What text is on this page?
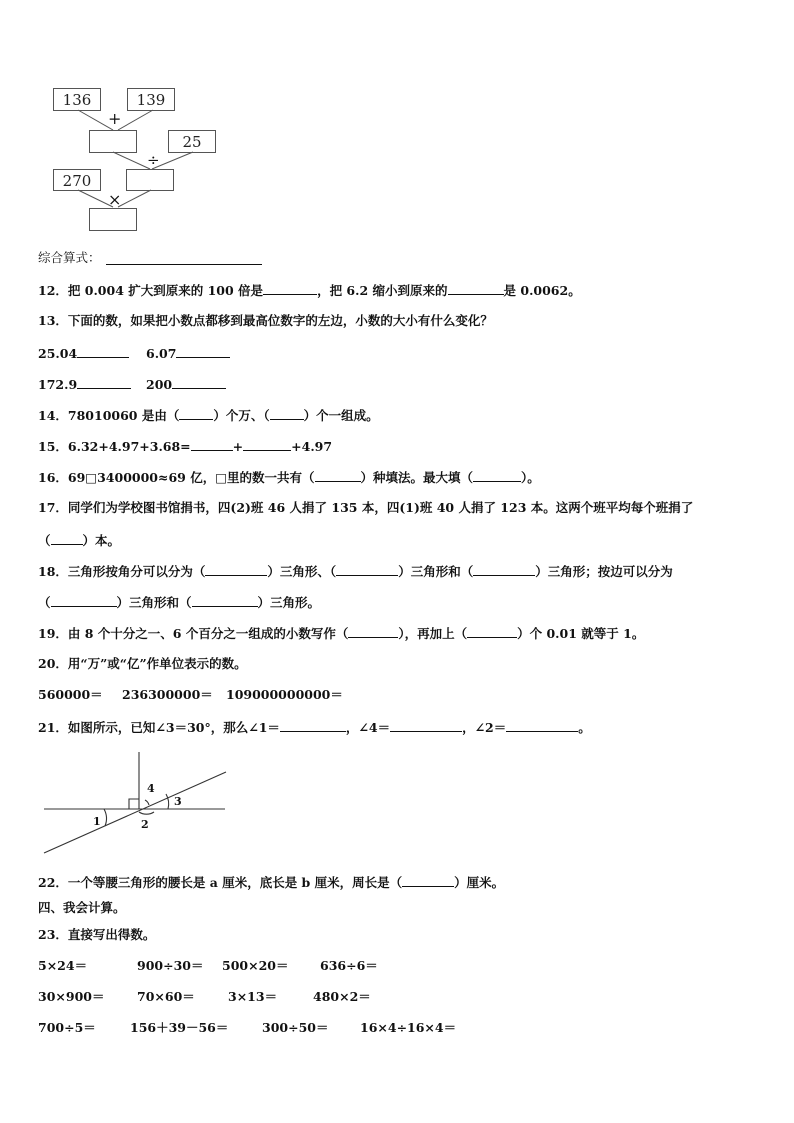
136	139
25
270
+
÷
×
综合算式：
12．把 0.004 扩大到原来的 100 倍是	，把 6.2 缩小到原来的	是 0.0062。
13．下面的数，如果把小数点都移到最高位数字的左边，小数的大小有什么变化？
25.04	6.07
172.9	200
14．78010060 是由（	）个万、（	）个一组成。
15．6.32+4.97+3.68=	+	+4.97
16．69□3400000≈69 亿，□里的数一共有（	）种填法。最大填（	）。
17．同学们为学校图书馆捐书，四(2)班 46 人捐了 135 本，四(1)班 40 人捐了 123 本。这两个班平均每个班捐了
（	）本。
18．三角形按角分可以分为（	）三角形、（	）三角形和（	）三角形；按边可以分为
（	）三角形和（	）三角形。
19．由 8 个十分之一、6 个百分之一组成的小数写作（	），再加上（	）个 0.01 就等于 1。
20．用“万”或“亿”作单位表示的数。
560000＝ 236300000＝ 109000000000＝
21．如图所示，已知∠3＝30°，那么∠1＝	，∠4＝	，∠2＝	。
1	2
3
4
22．一个等腰三角形的腰长是 a 厘米，底长是 b 厘米，周长是（	）厘米。
四、我会计算。
23．直接写出得数。
5×24＝	900÷30＝ 500×20＝	636÷6＝
30×900＝	70×60＝	3×13＝	480×2＝
700÷5＝	156＋39－56＝	300÷50＝	16×4÷16×4＝
